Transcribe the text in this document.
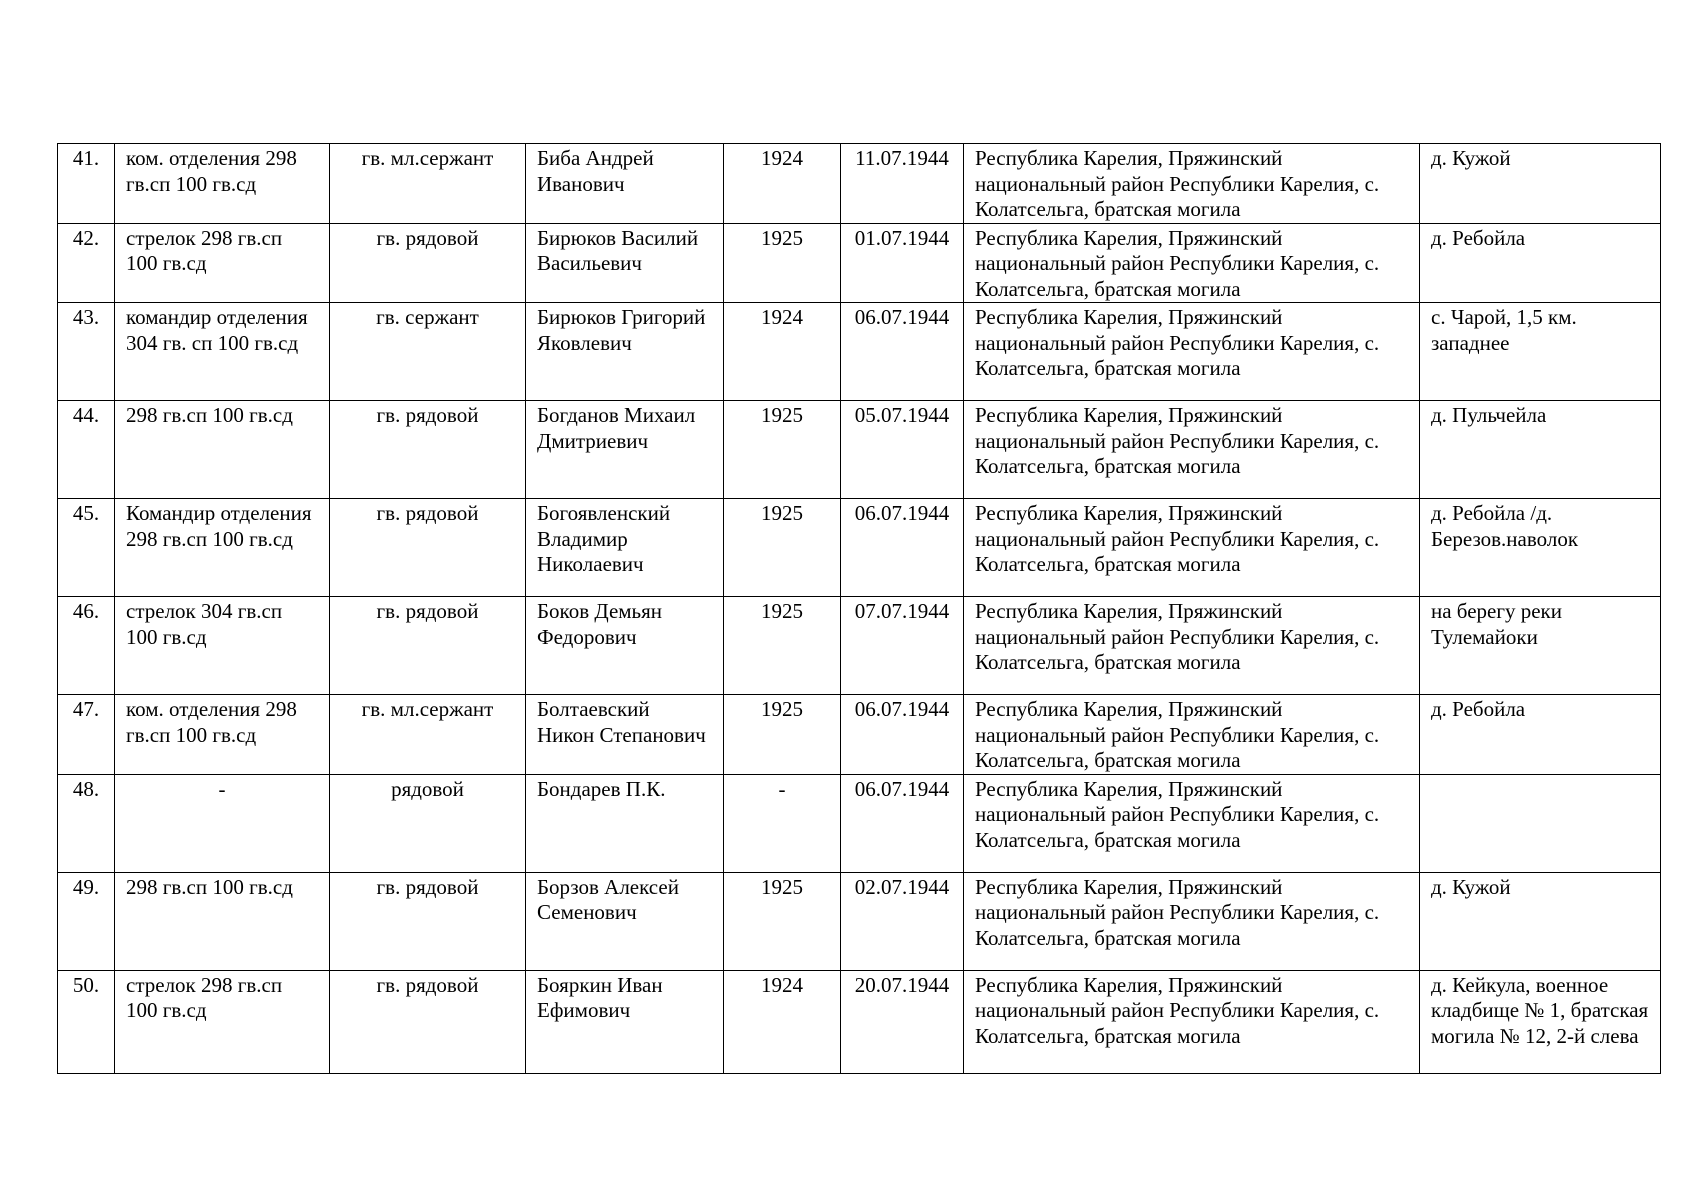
41.	ком. отделения 298 гв.сп 100 гв.сд	гв. мл.сержант	Биба Андрей Иванович	1924	11.07.1944	Республика Карелия, Пряжинский национальный район Республики Карелия, с. Колатсельга, братская могила	д. Кужой
42.	стрелок 298 гв.сп 100 гв.сд	гв. рядовой	Бирюков Василий Васильевич	1925	01.07.1944	Республика Карелия, Пряжинский национальный район Республики Карелия, с. Колатсельга, братская могила	д. Ребойла
43.	командир отделения 304 гв. сп 100 гв.сд	гв. сержант	Бирюков Григорий Яковлевич	1924	06.07.1944	Республика Карелия, Пряжинский национальный район Республики Карелия, с. Колатсельга, братская могила	с. Чарой, 1,5 км. западнее
44.	298 гв.сп 100 гв.сд	гв. рядовой	Богданов Михаил Дмитриевич	1925	05.07.1944	Республика Карелия, Пряжинский национальный район Республики Карелия, с. Колатсельга, братская могила	д. Пульчейла
45.	Командир отделения 298 гв.сп 100 гв.сд	гв. рядовой	Богоявленский Владимир Николаевич	1925	06.07.1944	Республика Карелия, Пряжинский национальный район Республики Карелия, с. Колатсельга, братская могила	д. Ребойла /д. Березов.наволок
46.	стрелок 304 гв.сп 100 гв.сд	гв. рядовой	Боков Демьян Федорович	1925	07.07.1944	Республика Карелия, Пряжинский национальный район Республики Карелия, с. Колатсельга, братская могила	на берегу реки Тулемайоки
47.	ком. отделения 298 гв.сп 100 гв.сд	гв. мл.сержант	Болтаевский Никон Степанович	1925	06.07.1944	Республика Карелия, Пряжинский национальный район Республики Карелия, с. Колатсельга, братская могила	д. Ребойла
48.	-	рядовой	Бондарев П.К.	-	06.07.1944	Республика Карелия, Пряжинский национальный район Республики Карелия, с. Колатсельга, братская могила	
49.	298 гв.сп 100 гв.сд	гв. рядовой	Борзов Алексей Семенович	1925	02.07.1944	Республика Карелия, Пряжинский национальный район Республики Карелия, с. Колатсельга, братская могила	д. Кужой
50.	стрелок 298 гв.сп 100 гв.сд	гв. рядовой	Бояркин Иван Ефимович	1924	20.07.1944	Республика Карелия, Пряжинский национальный район Республики Карелия, с. Колатсельга, братская могила	д. Кейкула, военное кладбище № 1, братская могила № 12, 2-й слева
